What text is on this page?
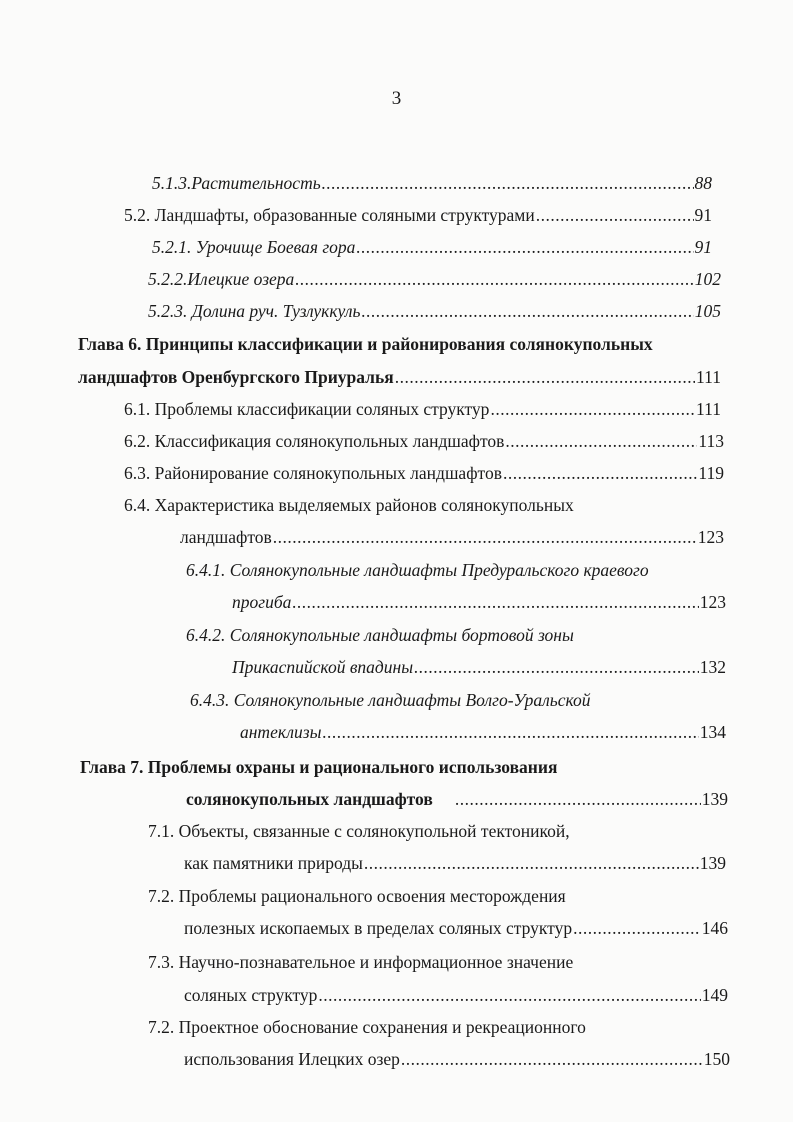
3
5.1.3.Растительность .....	88
5.2. Ландшафты, образованные соляными структурами .....	91
5.2.1. Урочище Боевая гора .....	91
5.2.2.Илецкие озера .....	102
5.2.3. Долина руч. Тузлуккуль .....	105
Глава 6. Принципы классификации и районирования солянокупольных
ландшафтов Оренбургского Приуралья .....	111
6.1. Проблемы классификации соляных структур .....	111
6.2. Классификация солянокупольных ландшафтов .....	113
6.3. Районирование солянокупольных ландшафтов .....	119
6.4. Характеристика выделяемых районов солянокупольных
ландшафтов .....	123
6.4.1. Солянокупольные ландшафты Предуральского краевого
прогиба .....	123
6.4.2. Солянокупольные ландшафты бортовой зоны
Прикаспийской впадины .....	132
6.4.3. Солянокупольные ландшафты Волго-Уральской
антеклизы .....	134
Глава 7. Проблемы охраны и рационального использования
солянокупольных ландшафтов .....	139
7.1. Объекты, связанные с солянокупольной тектоникой,
как памятники природы .....	139
7.2. Проблемы рационального освоения месторождения
полезных ископаемых в пределах соляных структур .....	146
7.3. Научно-познавательное и информационное значение
соляных структур .....	149
7.2. Проектное обоснование сохранения и рекреационного
использования Илецких озер .....	150
